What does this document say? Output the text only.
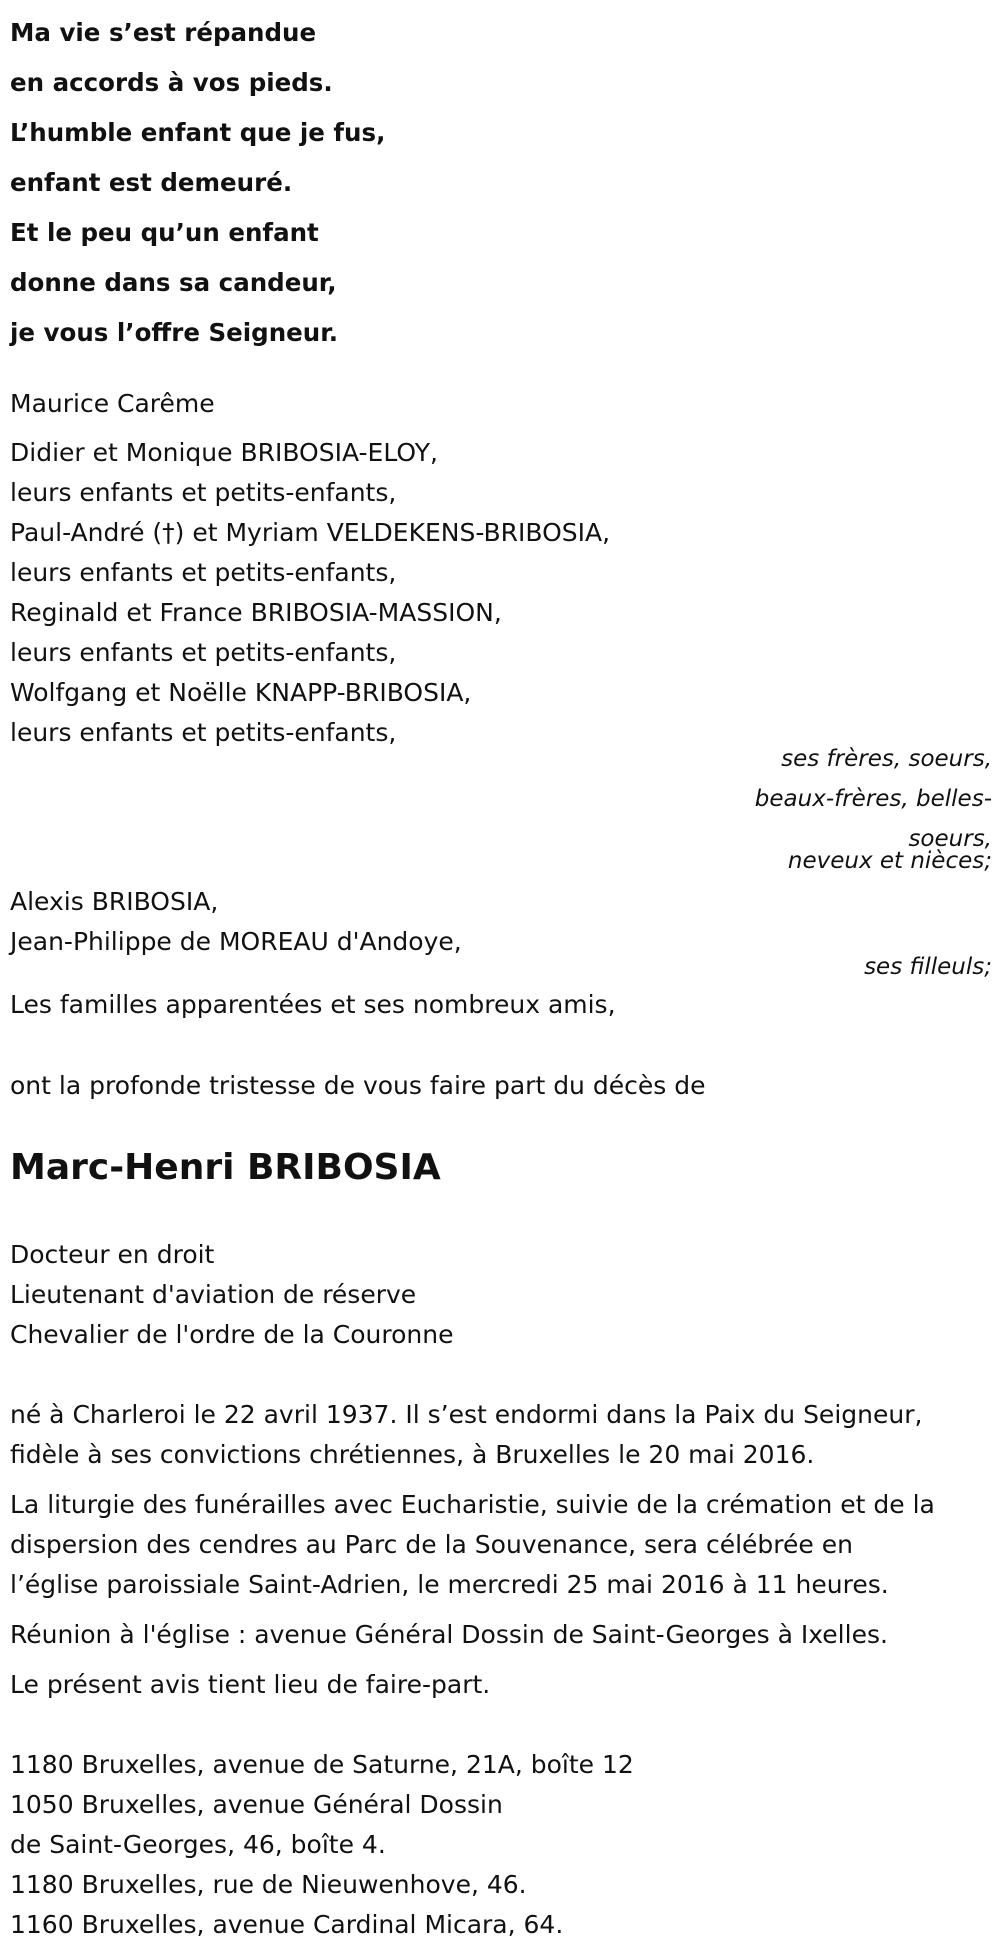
Ma vie s’est répandue
en accords à vos pieds.
L’humble enfant que je fus,
enfant est demeuré.
Et le peu qu’un enfant
donne dans sa candeur,
je vous l’offre Seigneur.
Maurice Carême
Didier et Monique BRIBOSIA-ELOY,
leurs enfants et petits-enfants,
Paul-André (†) et Myriam VELDEKENS-BRIBOSIA,
leurs enfants et petits-enfants,
Reginald et France BRIBOSIA-MASSION,
leurs enfants et petits-enfants,
Wolfgang et Noëlle KNAPP-BRIBOSIA,
leurs enfants et petits-enfants,
ses frères, soeurs,
beaux-frères, belles-
soeurs,
neveux et nièces;
Alexis BRIBOSIA,
Jean-Philippe de MOREAU d'Andoye,
ses filleuls;
Les familles apparentées et ses nombreux amis,
ont la profonde tristesse de vous faire part du décès de
Marc-Henri BRIBOSIA
Docteur en droit
Lieutenant d'aviation de réserve
Chevalier de l'ordre de la Couronne
né à Charleroi le 22 avril 1937. Il s’est endormi dans la Paix du Seigneur,
fidèle à ses convictions chrétiennes, à Bruxelles le 20 mai 2016.
La liturgie des funérailles avec Eucharistie, suivie de la crémation et de la
dispersion des cendres au Parc de la Souvenance, sera célébrée en
l’église paroissiale Saint-Adrien, le mercredi 25 mai 2016 à 11 heures.
Réunion à l'église : avenue Général Dossin de Saint-Georges à Ixelles.
Le présent avis tient lieu de faire-part.
1180 Bruxelles, avenue de Saturne, 21A, boîte 12
1050 Bruxelles, avenue Général Dossin
de Saint-Georges, 46, boîte 4.
1180 Bruxelles, rue de Nieuwenhove, 46.
1160 Bruxelles, avenue Cardinal Micara, 64.
